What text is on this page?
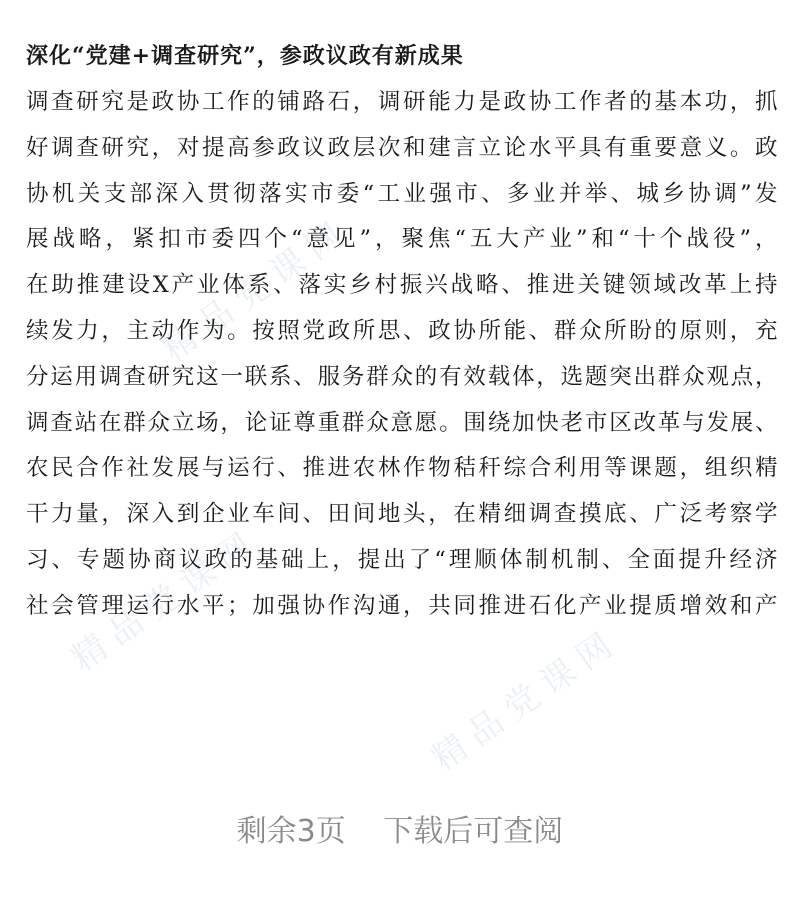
精品党课网
精品党课网
精品党课网
深化“党建+调查研究”，参政议政有新成果
调查研究是政协工作的铺路石，调研能力是政协工作者的基本功，抓
好调查研究，对提高参政议政层次和建言立论水平具有重要意义。政
协机关支部深入贯彻落实市委“工业强市、多业并举、城乡协调”发
展战略，紧扣市委四个“意见”，聚焦“五大产业”和“十个战役”，
在助推建设X产业体系、落实乡村振兴战略、推进关键领域改革上持
续发力，主动作为。按照党政所思、政协所能、群众所盼的原则，充
分运用调查研究这一联系、服务群众的有效载体，选题突出群众观点，
调查站在群众立场，论证尊重群众意愿。围绕加快老市区改革与发展、
农民合作社发展与运行、推进农林作物秸秆综合利用等课题，组织精
干力量，深入到企业车间、田间地头，在精细调查摸底、广泛考察学
习、专题协商议政的基础上，提出了“理顺体制机制、全面提升经济
社会管理运行水平；加强协作沟通，共同推进石化产业提质增效和产
剩余3页 下载后可查阅
